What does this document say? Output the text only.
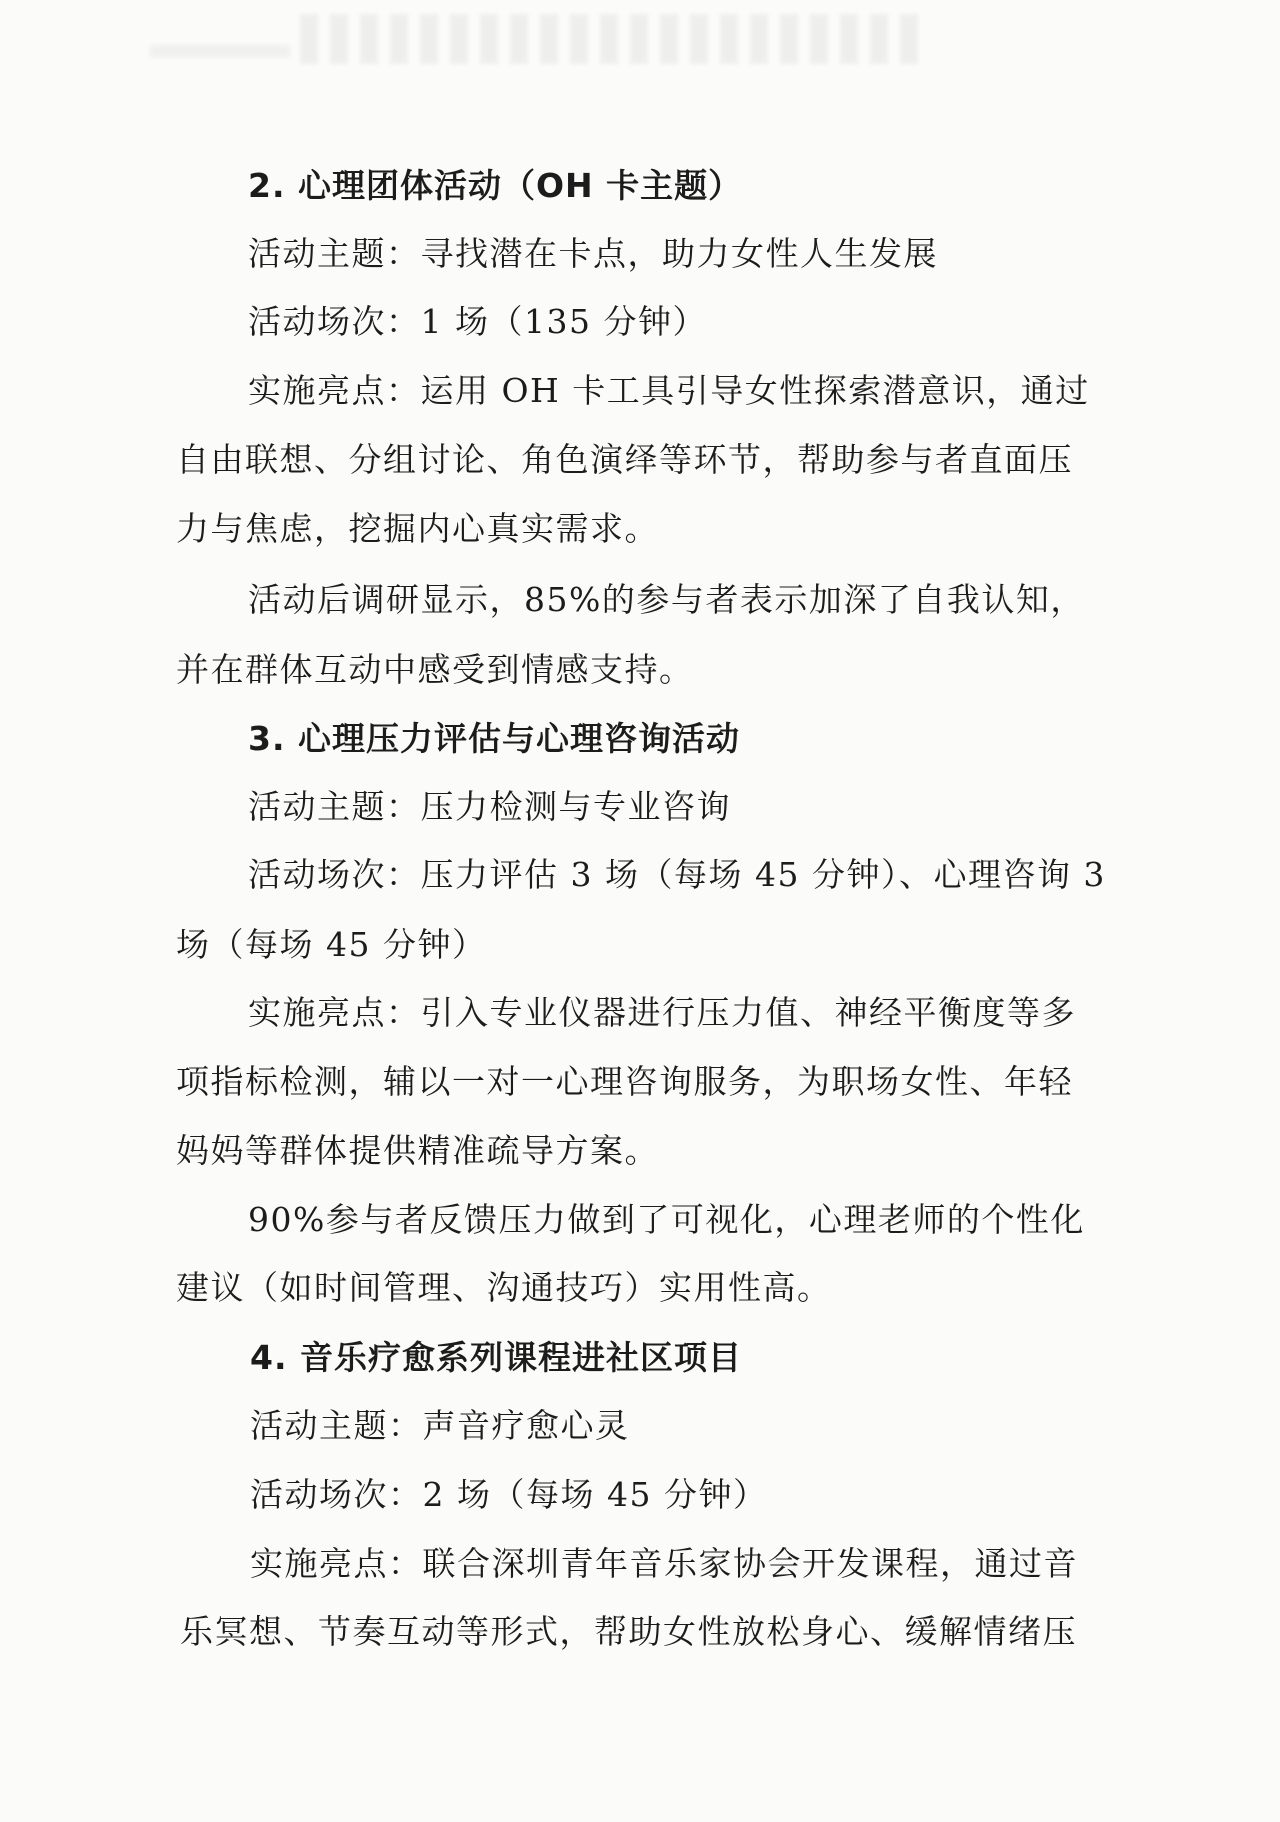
2. 心理团体活动（OH 卡主题）
活动主题：寻找潜在卡点，助力女性人生发展
活动场次：1 场（135 分钟）
实施亮点：运用 OH 卡工具引导女性探索潜意识，通过
自由联想、分组讨论、角色演绎等环节，帮助参与者直面压
力与焦虑，挖掘内心真实需求。
活动后调研显示，85%的参与者表示加深了自我认知，
并在群体互动中感受到情感支持。
3. 心理压力评估与心理咨询活动
活动主题：压力检测与专业咨询
活动场次：压力评估 3 场（每场 45 分钟）、心理咨询 3
场（每场 45 分钟）
实施亮点：引入专业仪器进行压力值、神经平衡度等多
项指标检测，辅以一对一心理咨询服务，为职场女性、年轻
妈妈等群体提供精准疏导方案。
90%参与者反馈压力做到了可视化，心理老师的个性化
建议（如时间管理、沟通技巧）实用性高。
4. 音乐疗愈系列课程进社区项目
活动主题：声音疗愈心灵
活动场次：2 场（每场 45 分钟）
实施亮点：联合深圳青年音乐家协会开发课程，通过音
乐冥想、节奏互动等形式，帮助女性放松身心、缓解情绪压
